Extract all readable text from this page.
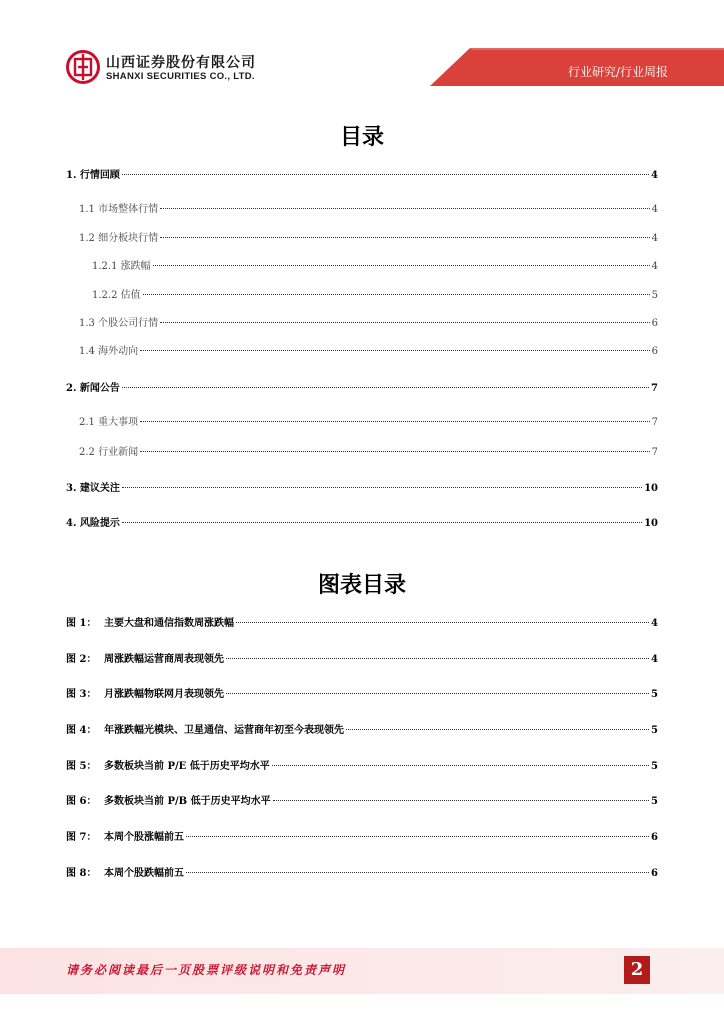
行业研究/行业周报
山西证券股份有限公司
SHANXI SECURITIES CO., LTD.
目录
1. 行情回顾	4
1.1 市场整体行情	4
1.2 细分板块行情	4
1.2.1 涨跌幅	4
1.2.2 估值	5
1.3 个股公司行情	6
1.4 海外动向	6
2. 新闻公告	7
2.1 重大事项	7
2.2 行业新闻	7
3. 建议关注	10
4. 风险提示	10
图表目录
图 1： 主要大盘和通信指数周涨跌幅	4
图 2： 周涨跌幅运营商周表现领先	4
图 3： 月涨跌幅物联网月表现领先	5
图 4： 年涨跌幅光模块、卫星通信、运营商年初至今表现领先	5
图 5： 多数板块当前 P/E 低于历史平均水平	5
图 6： 多数板块当前 P/B 低于历史平均水平	5
图 7： 本周个股涨幅前五	6
图 8： 本周个股跌幅前五	6
请务必阅读最后一页股票评级说明和免责声明	2
